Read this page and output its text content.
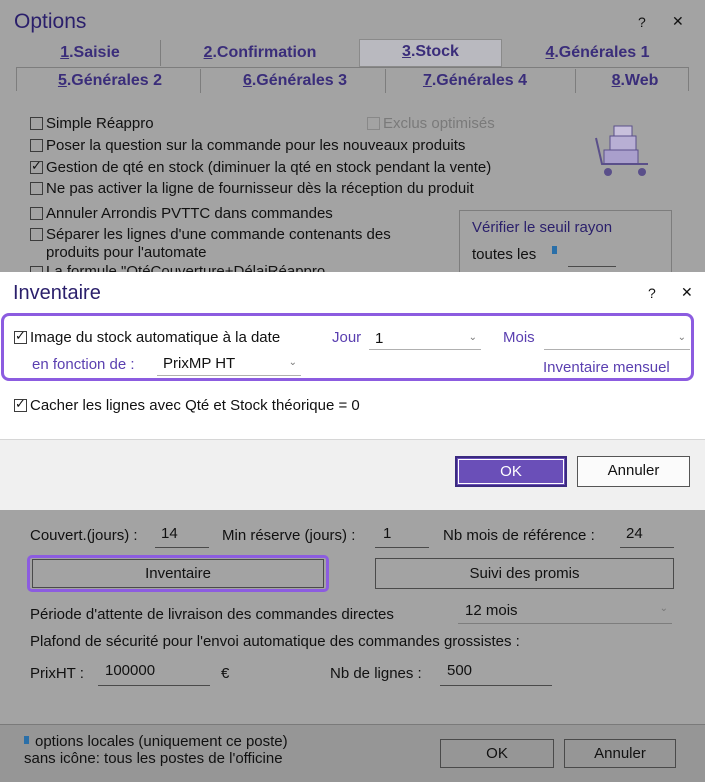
Options	? ✕
1.Saisie	2.Confirmation	3.Stock	4.Générales 1
5.Générales 2	6.Générales 3	7.Générales 4	8.Web
Simple Réappro	Exclus optimisés
Poser la question sur la commande pour les nouveaux produits
✓
Gestion de qté en stock (diminuer la qté en stock pendant la vente)
Ne pas activer la ligne de fournisseur dès la réception du produit
Annuler Arrondis PVTTC dans commandes
Séparer les lignes d'une commande contenants des
produits pour l'automate
Vérifier le seuil rayon
toutes les
Couvert.(jours) : 14	Min réserve (jours) : 1	Nb mois de référence : 24
Inventaire	Suivi des promis
Période d'attente de livraison des commandes directes	12 mois	⌄
Plafond de sécurité pour l'envoi automatique des commandes grossistes :
PrixHT : 100000	€	Nb de lignes : 500
options locales (uniquement ce poste)
sans icône: tous les postes de l'officine	OK	Annuler
Inventaire	? ✕
✓
Image du stock automatique à la date	Jour 1	⌄ Mois	⌄
en fonction de : PrixMP HT	⌄	Inventaire mensuel
✓
Cacher les lignes avec Qté et Stock théorique = 0
OK	Annuler
